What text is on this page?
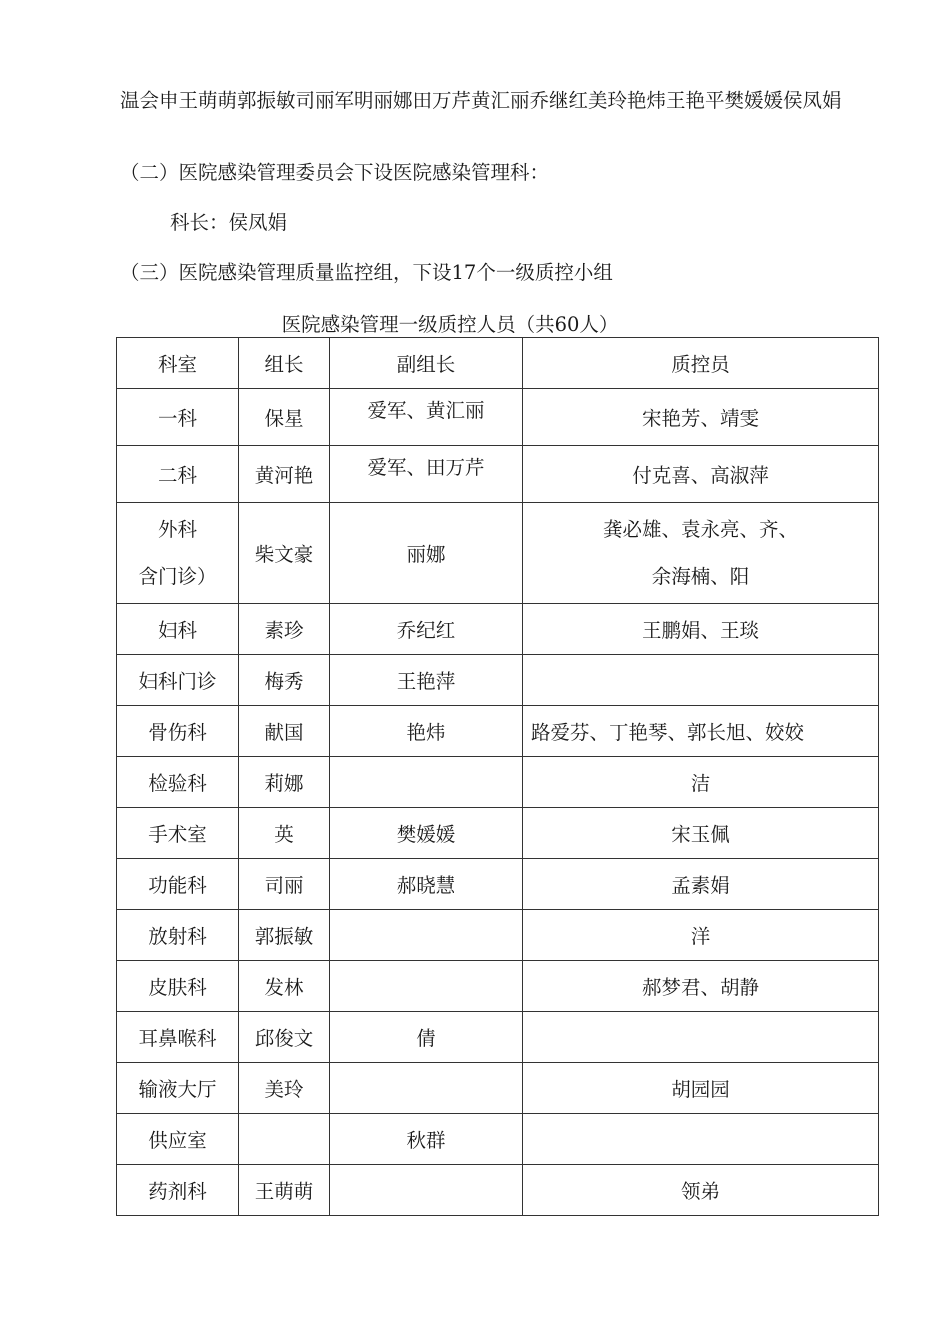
温会申王萌萌郭振敏司丽军明丽娜田万芹黄汇丽乔继红美玲艳炜王艳平樊媛媛侯凤娟

（二）医院感染管理委员会下设医院感染管理科：

科长：侯凤娟

（三）医院感染管理质量监控组，下设17个一级质控小组

医院感染管理一级质控人员（共60人）
科室	组长	副组长	质控员
一科	保星	爱军、黄汇丽	宋艳芳、靖雯
二科	黄河艳	爱军、田万芹	付克喜、高淑萍

外科
含门诊）	柴文豪	丽娜	龚必雄、袁永亮、齐、
余海楠、阳

妇科	素珍	乔纪红	王鹏娟、王琰
妇科门诊	梅秀	王艳萍	
骨伤科	献国	艳炜	路爱芬、丁艳琴、郭长旭、姣姣
检验科	莉娜		洁
手术室	英	樊媛媛	宋玉佩
功能科	司丽	郝晓慧	孟素娟
放射科	郭振敏		洋
皮肤科	发林		郝梦君、胡静
耳鼻喉科	邱俊文	倩	
输液大厅	美玲		胡园园
供应室		秋群	
药剂科	王萌萌		领弟
